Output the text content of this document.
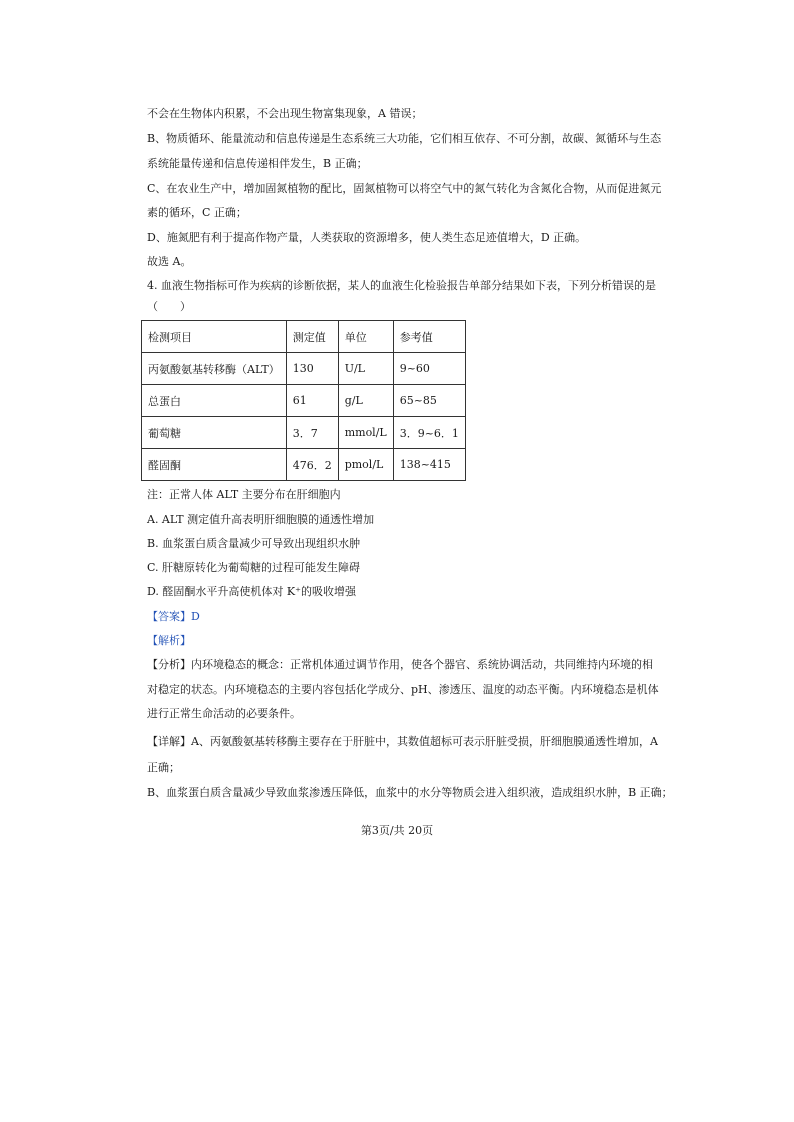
不会在生物体内积累，不会出现生物富集现象，A 错误；
B、物质循环、能量流动和信息传递是生态系统三大功能，它们相互依存、不可分割，故碳、氮循环与生态
系统能量传递和信息传递相伴发生，B 正确；
C、在农业生产中，增加固氮植物的配比，固氮植物可以将空气中的氮气转化为含氮化合物，从而促进氮元
素的循环，C 正确；
D、施氮肥有利于提高作物产量，人类获取的资源增多，使人类生态足迹值增大，D 正确。
故选 A。
4. 血液生物指标可作为疾病的诊断依据，某人的血液生化检验报告单部分结果如下表，下列分析错误的是
（　　）
检测项目	测定值	单位	参考值
丙氨酸氨基转移酶（ALT）	130	U/L	9~60
总蛋白	61	g/L	65~85
葡萄糖	3．7	mmol/L	3．9~6．1
醛固酮	476．2	pmol/L	138~415
注：正常人体 ALT 主要分布在肝细胞内
A. ALT 测定值升高表明肝细胞膜的通透性增加
B. 血浆蛋白质含量减少可导致出现组织水肿
C. 肝糖原转化为葡萄糖的过程可能发生障碍
D. 醛固酮水平升高使机体对 K⁺的吸收增强
【答案】D
【解析】
【分析】内环境稳态的概念：正常机体通过调节作用，使各个器官、系统协调活动，共同维持内环境的相
对稳定的状态。内环境稳态的主要内容包括化学成分、pH、渗透压、温度的动态平衡。内环境稳态是机体
进行正常生命活动的必要条件。
【详解】A、丙氨酸氨基转移酶主要存在于肝脏中，其数值超标可表示肝脏受损，肝细胞膜通透性增加，A
正确；
B、血浆蛋白质含量减少导致血浆渗透压降低，血浆中的水分等物质会进入组织液，造成组织水肿，B 正确；
第3页/共 20页
